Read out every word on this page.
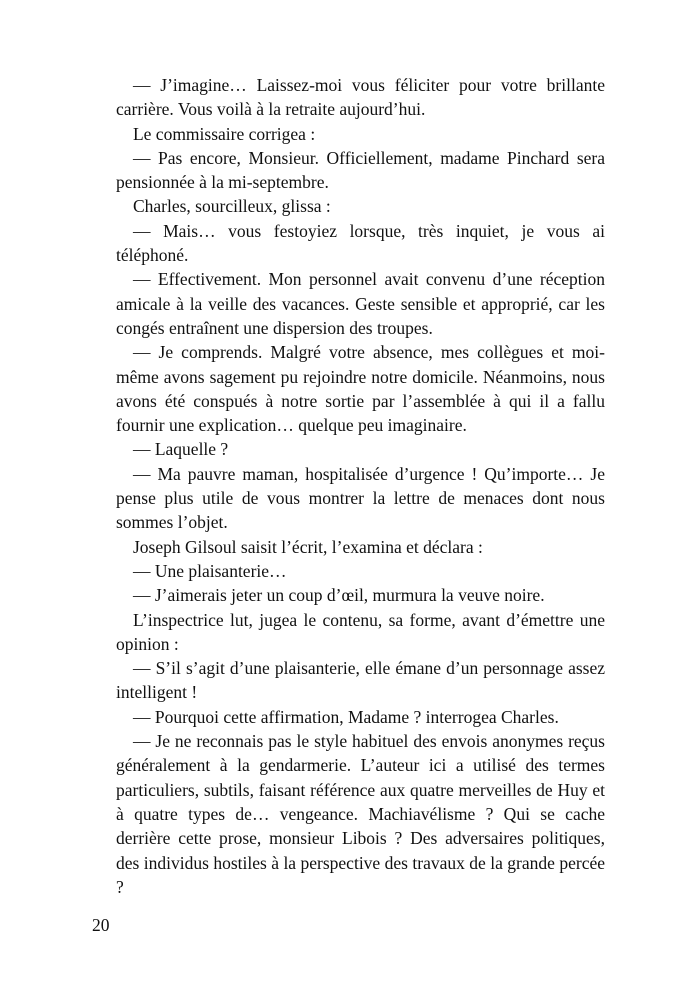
— J’imagine… Laissez-moi vous féliciter pour votre brillante carrière. Vous voilà à la retraite aujourd’hui.

Le commissaire corrigea :

— Pas encore, Monsieur. Officiellement, madame Pinchard sera pensionnée à la mi-septembre.

Charles, sourcilleux, glissa :

— Mais… vous festoyiez lorsque, très inquiet, je vous ai téléphoné.

— Effectivement. Mon personnel avait convenu d’une réception amicale à la veille des vacances. Geste sensible et approprié, car les congés entraînent une dispersion des troupes.

— Je comprends. Malgré votre absence, mes collègues et moi-même avons sagement pu rejoindre notre domicile. Néanmoins, nous avons été conspués à notre sortie par l’assemblée à qui il a fallu fournir une explication… quelque peu imaginaire.

— Laquelle ?

— Ma pauvre maman, hospitalisée d’urgence ! Qu’importe… Je pense plus utile de vous montrer la lettre de menaces dont nous sommes l’objet.

Joseph Gilsoul saisit l’écrit, l’examina et déclara :

— Une plaisanterie…

— J’aimerais jeter un coup d’œil, murmura la veuve noire.

L’inspectrice lut, jugea le contenu, sa forme, avant d’émettre une opinion :

— S’il s’agit d’une plaisanterie, elle émane d’un personnage assez intelligent !

— Pourquoi cette affirmation, Madame ? interrogea Charles.

— Je ne reconnais pas le style habituel des envois anonymes reçus généralement à la gendarmerie. L’auteur ici a utilisé des termes particuliers, subtils, faisant référence aux quatre merveilles de Huy et à quatre types de… vengeance. Machiavélisme ? Qui se cache derrière cette prose, monsieur Libois ? Des adversaires politiques, des individus hostiles à la perspective des travaux de la grande percée ?

20
